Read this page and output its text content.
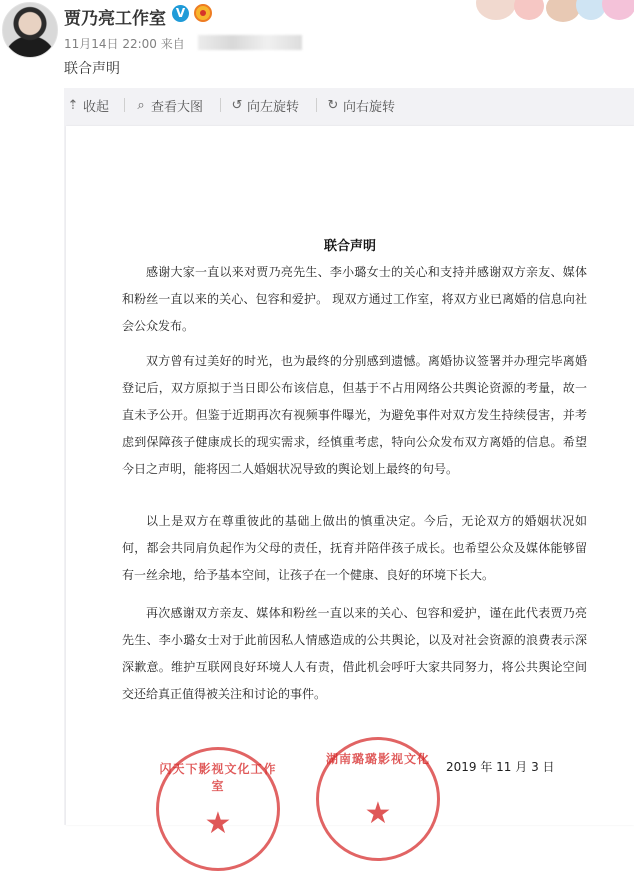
贾乃亮工作室 V
11月14日 22:00 来自
联合声明
⇡ 收起 ⌕ 查看大图 ↺ 向左旋转 ↻ 向右旋转
联合声明
感谢大家一直以来对贾乃亮先生、李小璐女士的关心和支持并感谢双方亲友、媒体和粉丝一直以来的关心、包容和爱护。 现双方通过工作室，将双方业已离婚的信息向社会公众发布。
双方曾有过美好的时光，也为最终的分别感到遗憾。离婚协议签署并办理完毕离婚登记后，双方原拟于当日即公布该信息，但基于不占用网络公共舆论资源的考量，故一直未予公开。但鉴于近期再次有视频事件曝光，为避免事件对双方发生持续侵害，并考虑到保障孩子健康成长的现实需求，经慎重考虑，特向公众发布双方离婚的信息。希望今日之声明，能将因二人婚姻状况导致的舆论划上最终的句号。
以上是双方在尊重彼此的基础上做出的慎重决定。今后，无论双方的婚姻状况如何，都会共同肩负起作为父母的责任，抚育并陪伴孩子成长。也希望公众及媒体能够留有一丝余地，给予基本空间，让孩子在一个健康、良好的环境下长大。
再次感谢双方亲友、媒体和粉丝一直以来的关心、包容和爱护，谨在此代表贾乃亮先生、李小璐女士对于此前因私人情感造成的公共舆论，以及对社会资源的浪费表示深深歉意。维护互联网良好环境人人有责，借此机会呼吁大家共同努力，将公共舆论空间交还给真正值得被关注和讨论的事件。
2019 年 11 月 3 日
闪天下影视文化工作室
★
湖南璐璐影视文化
★
